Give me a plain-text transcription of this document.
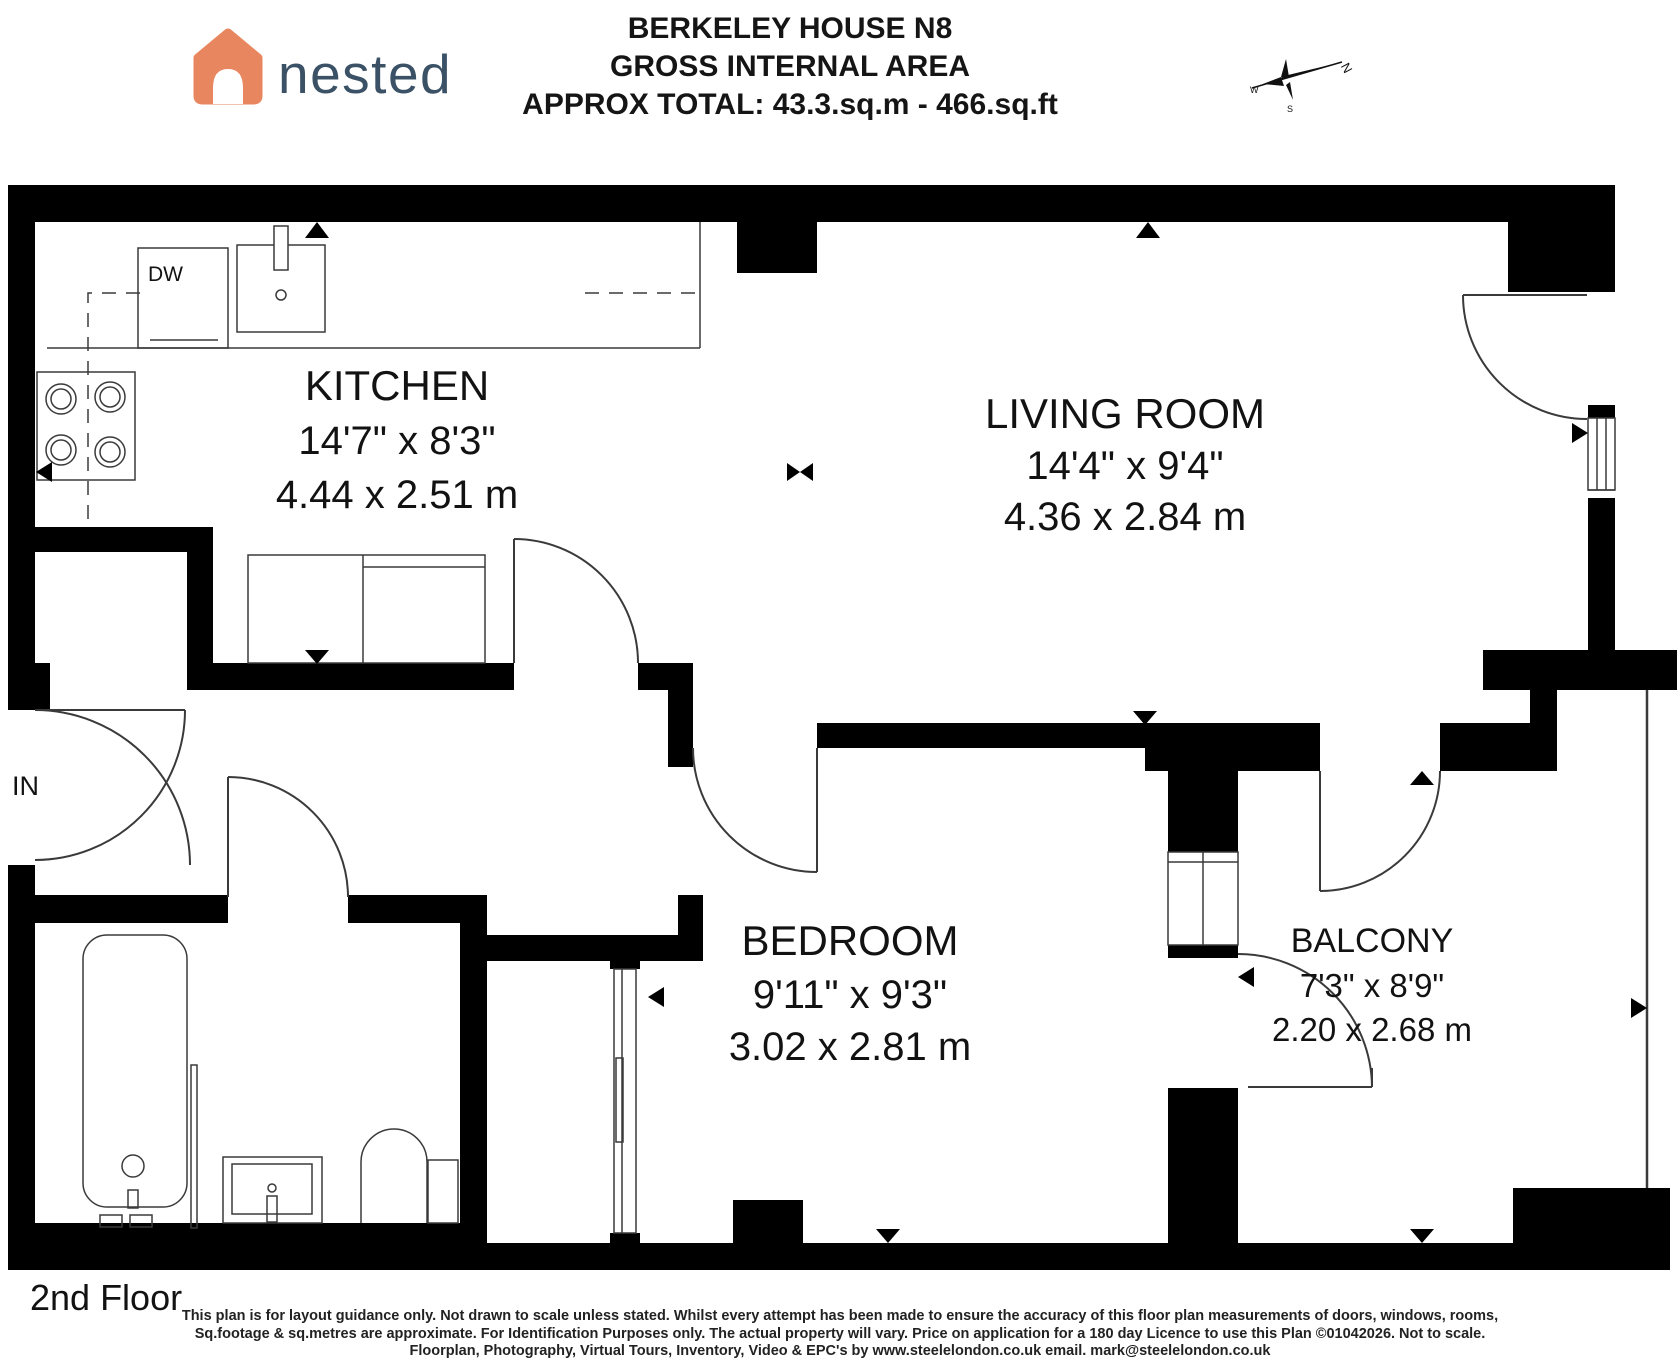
nested
BERKELEY HOUSE N8
GROSS INTERNAL AREA
APPROX TOTAL: 43.3.sq.m - 466.sq.ft
N
S
W
KITCHEN
14'7" x 8'3"
4.44 x 2.51 m
LIVING ROOM
14'4" x 9'4"
4.36 x 2.84 m
BEDROOM
9'11" x 9'3"
3.02 x 2.81 m
BALCONY
7'3" x 8'9"
2.20 x 2.68 m
DW
IN
2nd Floor This plan is for layout guidance only. Not drawn to scale unless stated. Whilst every attempt has been made to ensure the accuracy of this floor plan measurements of doors, windows, rooms,
Sq.footage & sq.metres are approximate. For Identification Purposes only. The actual property will vary. Price on application for a 180 day Licence to use this Plan ©01042026. Not to scale.
Floorplan, Photography, Virtual Tours, Inventory, Video & EPC's by www.steelelondon.co.uk email. mark@steelelondon.co.uk
